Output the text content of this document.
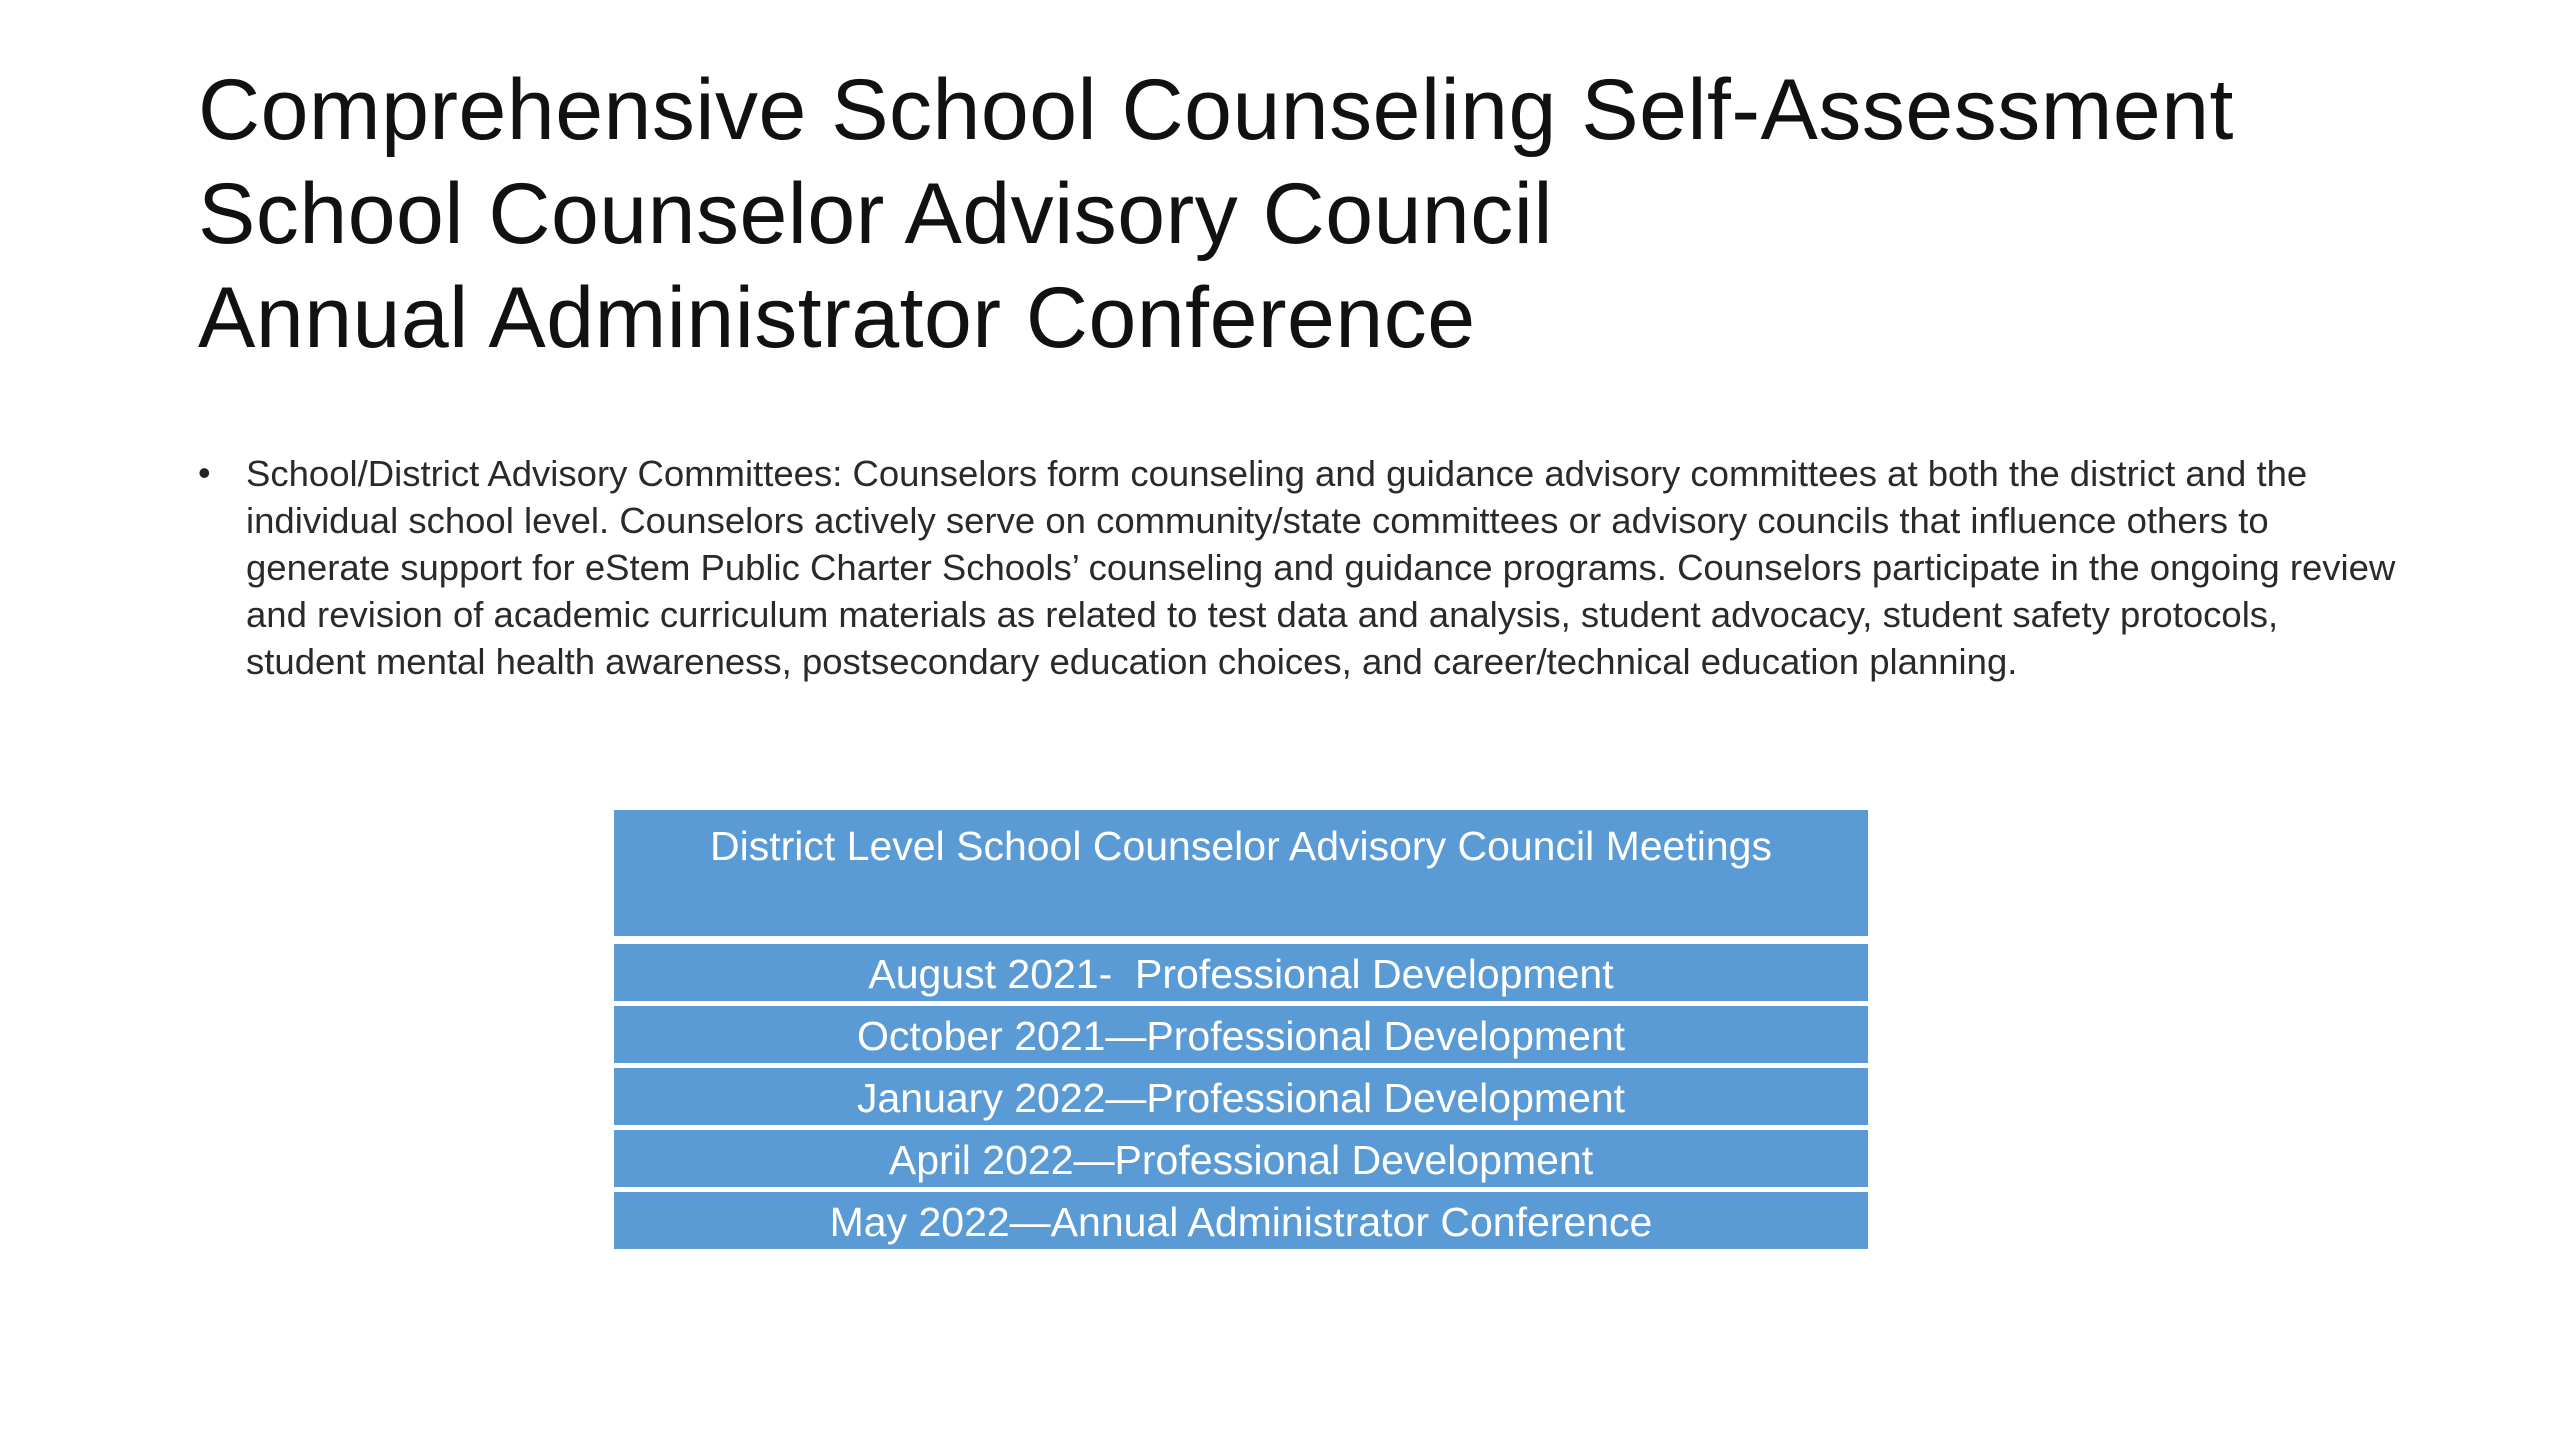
Comprehensive School Counseling Self-Assessment
School Counselor Advisory Council
Annual Administrator Conference
• School/District Advisory Committees: Counselors form counseling and guidance advisory committees at both the district and the individual school level. Counselors actively serve on community/state committees or advisory councils that influence others to generate support for eStem Public Charter Schools’ counseling and guidance programs. Counselors participate in the ongoing review and revision of academic curriculum materials as related to test data and analysis, student advocacy, student safety protocols, student mental health awareness, postsecondary education choices, and career/technical education planning.
District Level School Counselor Advisory Council Meetings
August 2021-  Professional Development
October 2021—Professional Development
January 2022—Professional Development
April 2022—Professional Development
May 2022—Annual Administrator Conference
